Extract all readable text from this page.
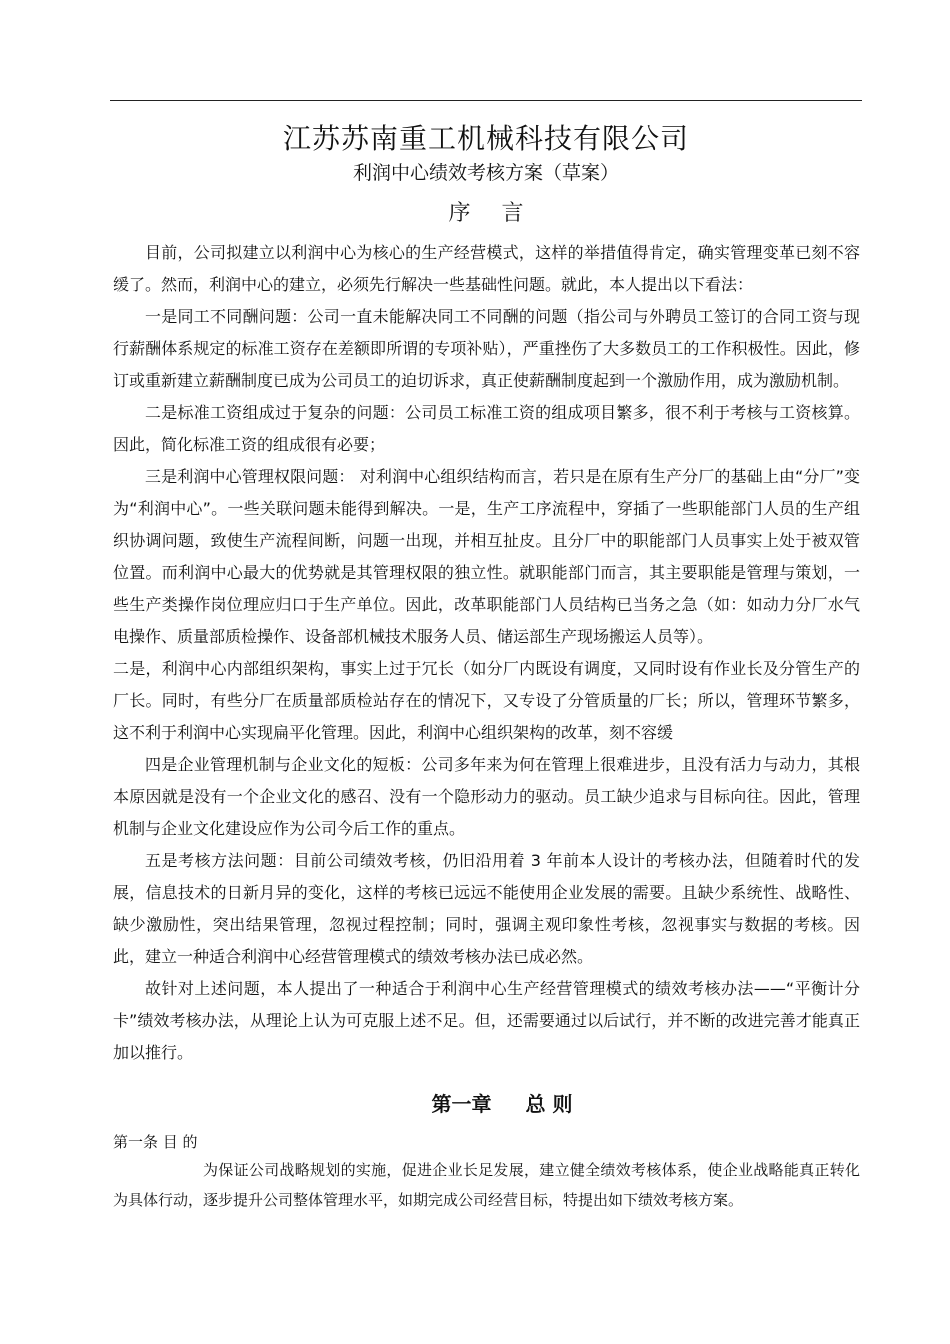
江苏苏南重工机械科技有限公司
利润中心绩效考核方案（草案）
序 言

目前，公司拟建立以利润中心为核心的生产经营模式，这样的举措值得肯定，确实管理变革已刻不容缓了。然而，利润中心的建立，必须先行解决一些基础性问题。就此，本人提出以下看法：

一是同工不同酬问题：公司一直未能解决同工不同酬的问题（指公司与外聘员工签订的合同工资与现行薪酬体系规定的标准工资存在差额即所谓的专项补贴），严重挫伤了大多数员工的工作积极性。因此，修订或重新建立薪酬制度已成为公司员工的迫切诉求，真正使薪酬制度起到一个激励作用，成为激励机制。

二是标准工资组成过于复杂的问题：公司员工标准工资的组成项目繁多，很不利于考核与工资核算。因此，简化标准工资的组成很有必要；

三是利润中心管理权限问题： 对利润中心组织结构而言，若只是在原有生产分厂的基础上由“分厂”变为“利润中心”。一些关联问题未能得到解决。一是，生产工序流程中，穿插了一些职能部门人员的生产组织协调问题，致使生产流程间断，问题一出现，并相互扯皮。且分厂中的职能部门人员事实上处于被双管位置。而利润中心最大的优势就是其管理权限的独立性。就职能部门而言，其主要职能是管理与策划，一些生产类操作岗位理应归口于生产单位。因此，改革职能部门人员结构已当务之急（如：如动力分厂水气电操作、质量部质检操作、设备部机械技术服务人员、储运部生产现场搬运人员等）。

二是，利润中心内部组织架构，事实上过于冗长（如分厂内既设有调度，又同时设有作业长及分管生产的厂长。同时，有些分厂在质量部质检站存在的情况下，又专设了分管质量的厂长；所以，管理环节繁多，这不利于利润中心实现扁平化管理。因此，利润中心组织架构的改革，刻不容缓

四是企业管理机制与企业文化的短板：公司多年来为何在管理上很难进步，且没有活力与动力，其根本原因就是没有一个企业文化的感召、没有一个隐形动力的驱动。员工缺少追求与目标向往。因此，管理机制与企业文化建设应作为公司今后工作的重点。

五是考核方法问题：目前公司绩效考核，仍旧沿用着 3 年前本人设计的考核办法，但随着时代的发展，信息技术的日新月异的变化，这样的考核已远远不能使用企业发展的需要。且缺少系统性、战略性、缺少激励性，突出结果管理，忽视过程控制；同时，强调主观印象性考核，忽视事实与数据的考核。因此，建立一种适合利润中心经营管理模式的绩效考核办法已成必然。

故针对上述问题，本人提出了一种适合于利润中心生产经营管理模式的绩效考核办法——“平衡计分卡”绩效考核办法，从理论上认为可克服上述不足。但，还需要通过以后试行，并不断的改进完善才能真正加以推行。

第一章 总 则
第一条 目 的

为保证公司战略规划的实施，促进企业长足发展，建立健全绩效考核体系，使企业战略能真正转化为具体行动，逐步提升公司整体管理水平，如期完成公司经营目标，特提出如下绩效考核方案。
